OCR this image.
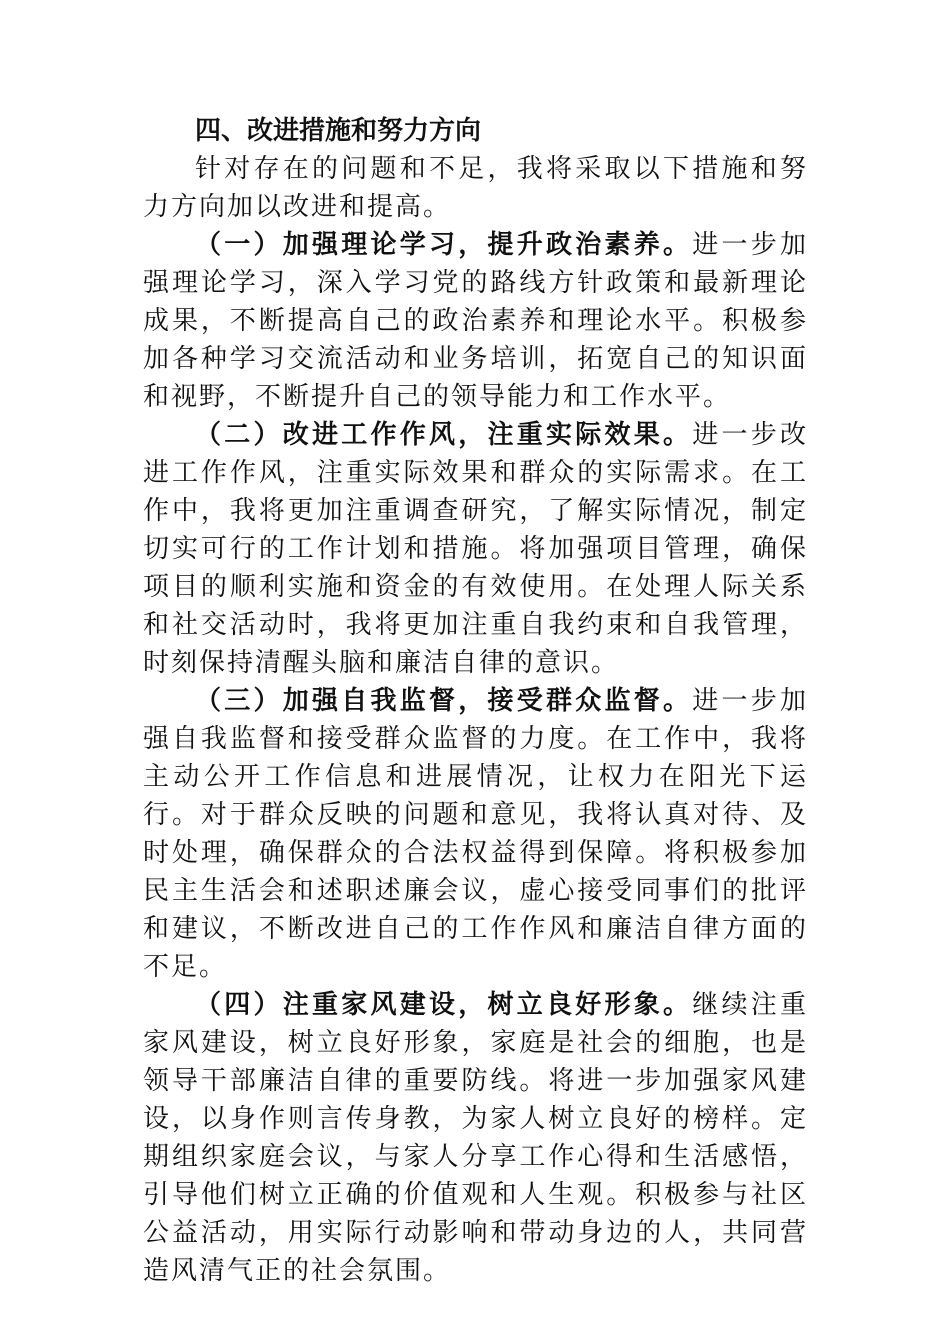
四、改进措施和努力方向

针对存在的问题和不足，我将采取以下措施和努力方向加以改进和提高。

（一）加强理论学习，提升政治素养。进一步加强理论学习，深入学习党的路线方针政策和最新理论成果，不断提高自己的政治素养和理论水平。积极参加各种学习交流活动和业务培训，拓宽自己的知识面和视野，不断提升自己的领导能力和工作水平。

（二）改进工作作风，注重实际效果。进一步改进工作作风，注重实际效果和群众的实际需求。在工作中，我将更加注重调查研究，了解实际情况，制定切实可行的工作计划和措施。将加强项目管理，确保项目的顺利实施和资金的有效使用。在处理人际关系和社交活动时，我将更加注重自我约束和自我管理，时刻保持清醒头脑和廉洁自律的意识。

（三）加强自我监督，接受群众监督。进一步加强自我监督和接受群众监督的力度。在工作中，我将主动公开工作信息和进展情况，让权力在阳光下运行。对于群众反映的问题和意见，我将认真对待、及时处理，确保群众的合法权益得到保障。将积极参加民主生活会和述职述廉会议，虚心接受同事们的批评和建议，不断改进自己的工作作风和廉洁自律方面的不足。

（四）注重家风建设，树立良好形象。继续注重家风建设，树立良好形象，家庭是社会的细胞，也是领导干部廉洁自律的重要防线。将进一步加强家风建设，以身作则言传身教，为家人树立良好的榜样。定期组织家庭会议，与家人分享工作心得和生活感悟，引导他们树立正确的价值观和人生观。积极参与社区公益活动，用实际行动影响和带动身边的人，共同营造风清气正的社会氛围。
